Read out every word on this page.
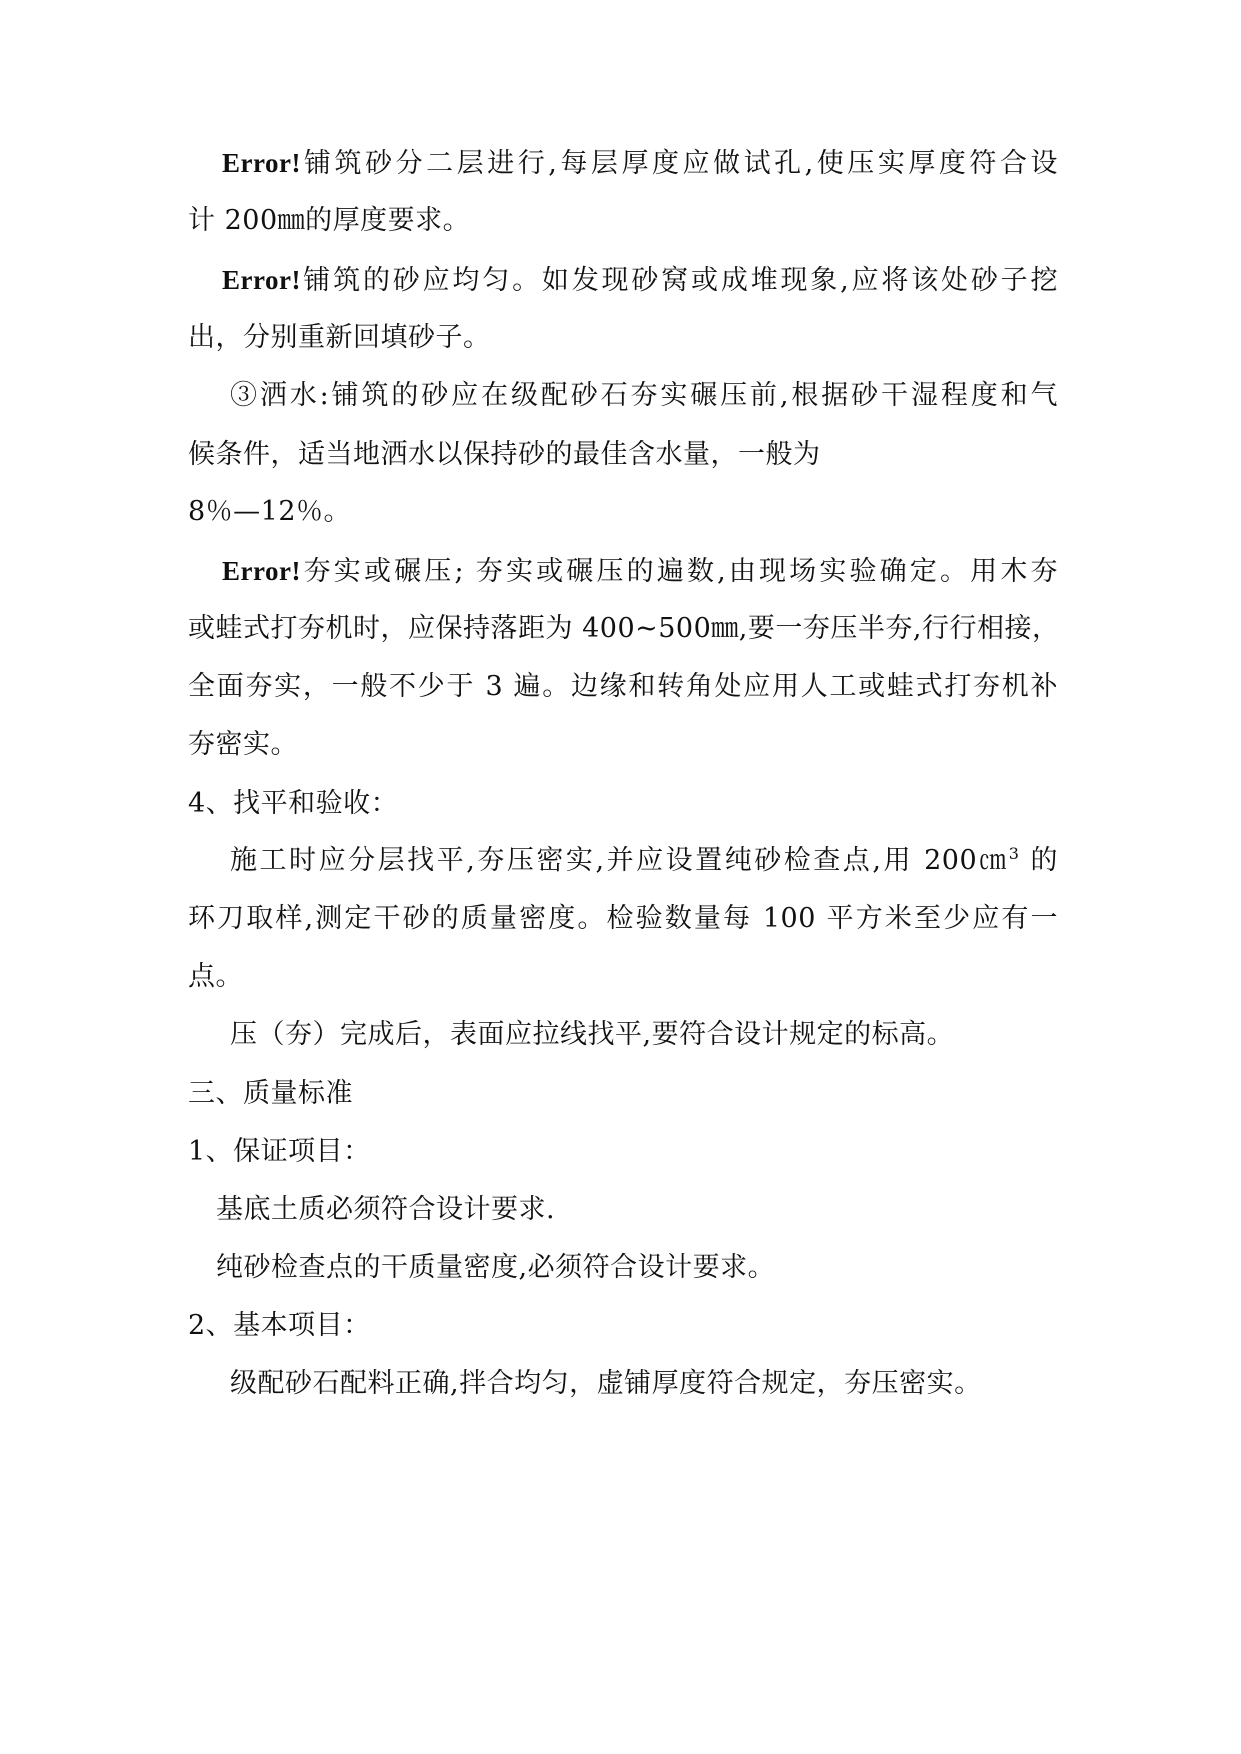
Error!铺筑砂分二层进行,每层厚度应做试孔,使压实厚度符合设
计 200㎜的厚度要求。
Error!铺筑的砂应均匀。如发现砂窝或成堆现象,应将该处砂子挖
出，分别重新回填砂子。
③洒水:铺筑的砂应在级配砂石夯实碾压前,根据砂干湿程度和气
候条件，适当地洒水以保持砂的最佳含水量，一般为
8％—12％。
Error!夯实或碾压; 夯实或碾压的遍数,由现场实验确定。用木夯
或蛙式打夯机时，应保持落距为 400~500㎜,要一夯压半夯,行行相接，
全面夯实，一般不少于 3 遍。边缘和转角处应用人工或蛙式打夯机补
夯密实。
4、找平和验收：
施工时应分层找平,夯压密实,并应设置纯砂检查点,用 200㎝$^3$ 的
环刀取样,测定干砂的质量密度。检验数量每 100 平方米至少应有一
点。
压（夯）完成后，表面应拉线找平,要符合设计规定的标高。
三、质量标准
1、保证项目：
基底土质必须符合设计要求.
纯砂检查点的干质量密度,必须符合设计要求。
2、基本项目：
级配砂石配料正确,拌合均匀，虚铺厚度符合规定，夯压密实。
